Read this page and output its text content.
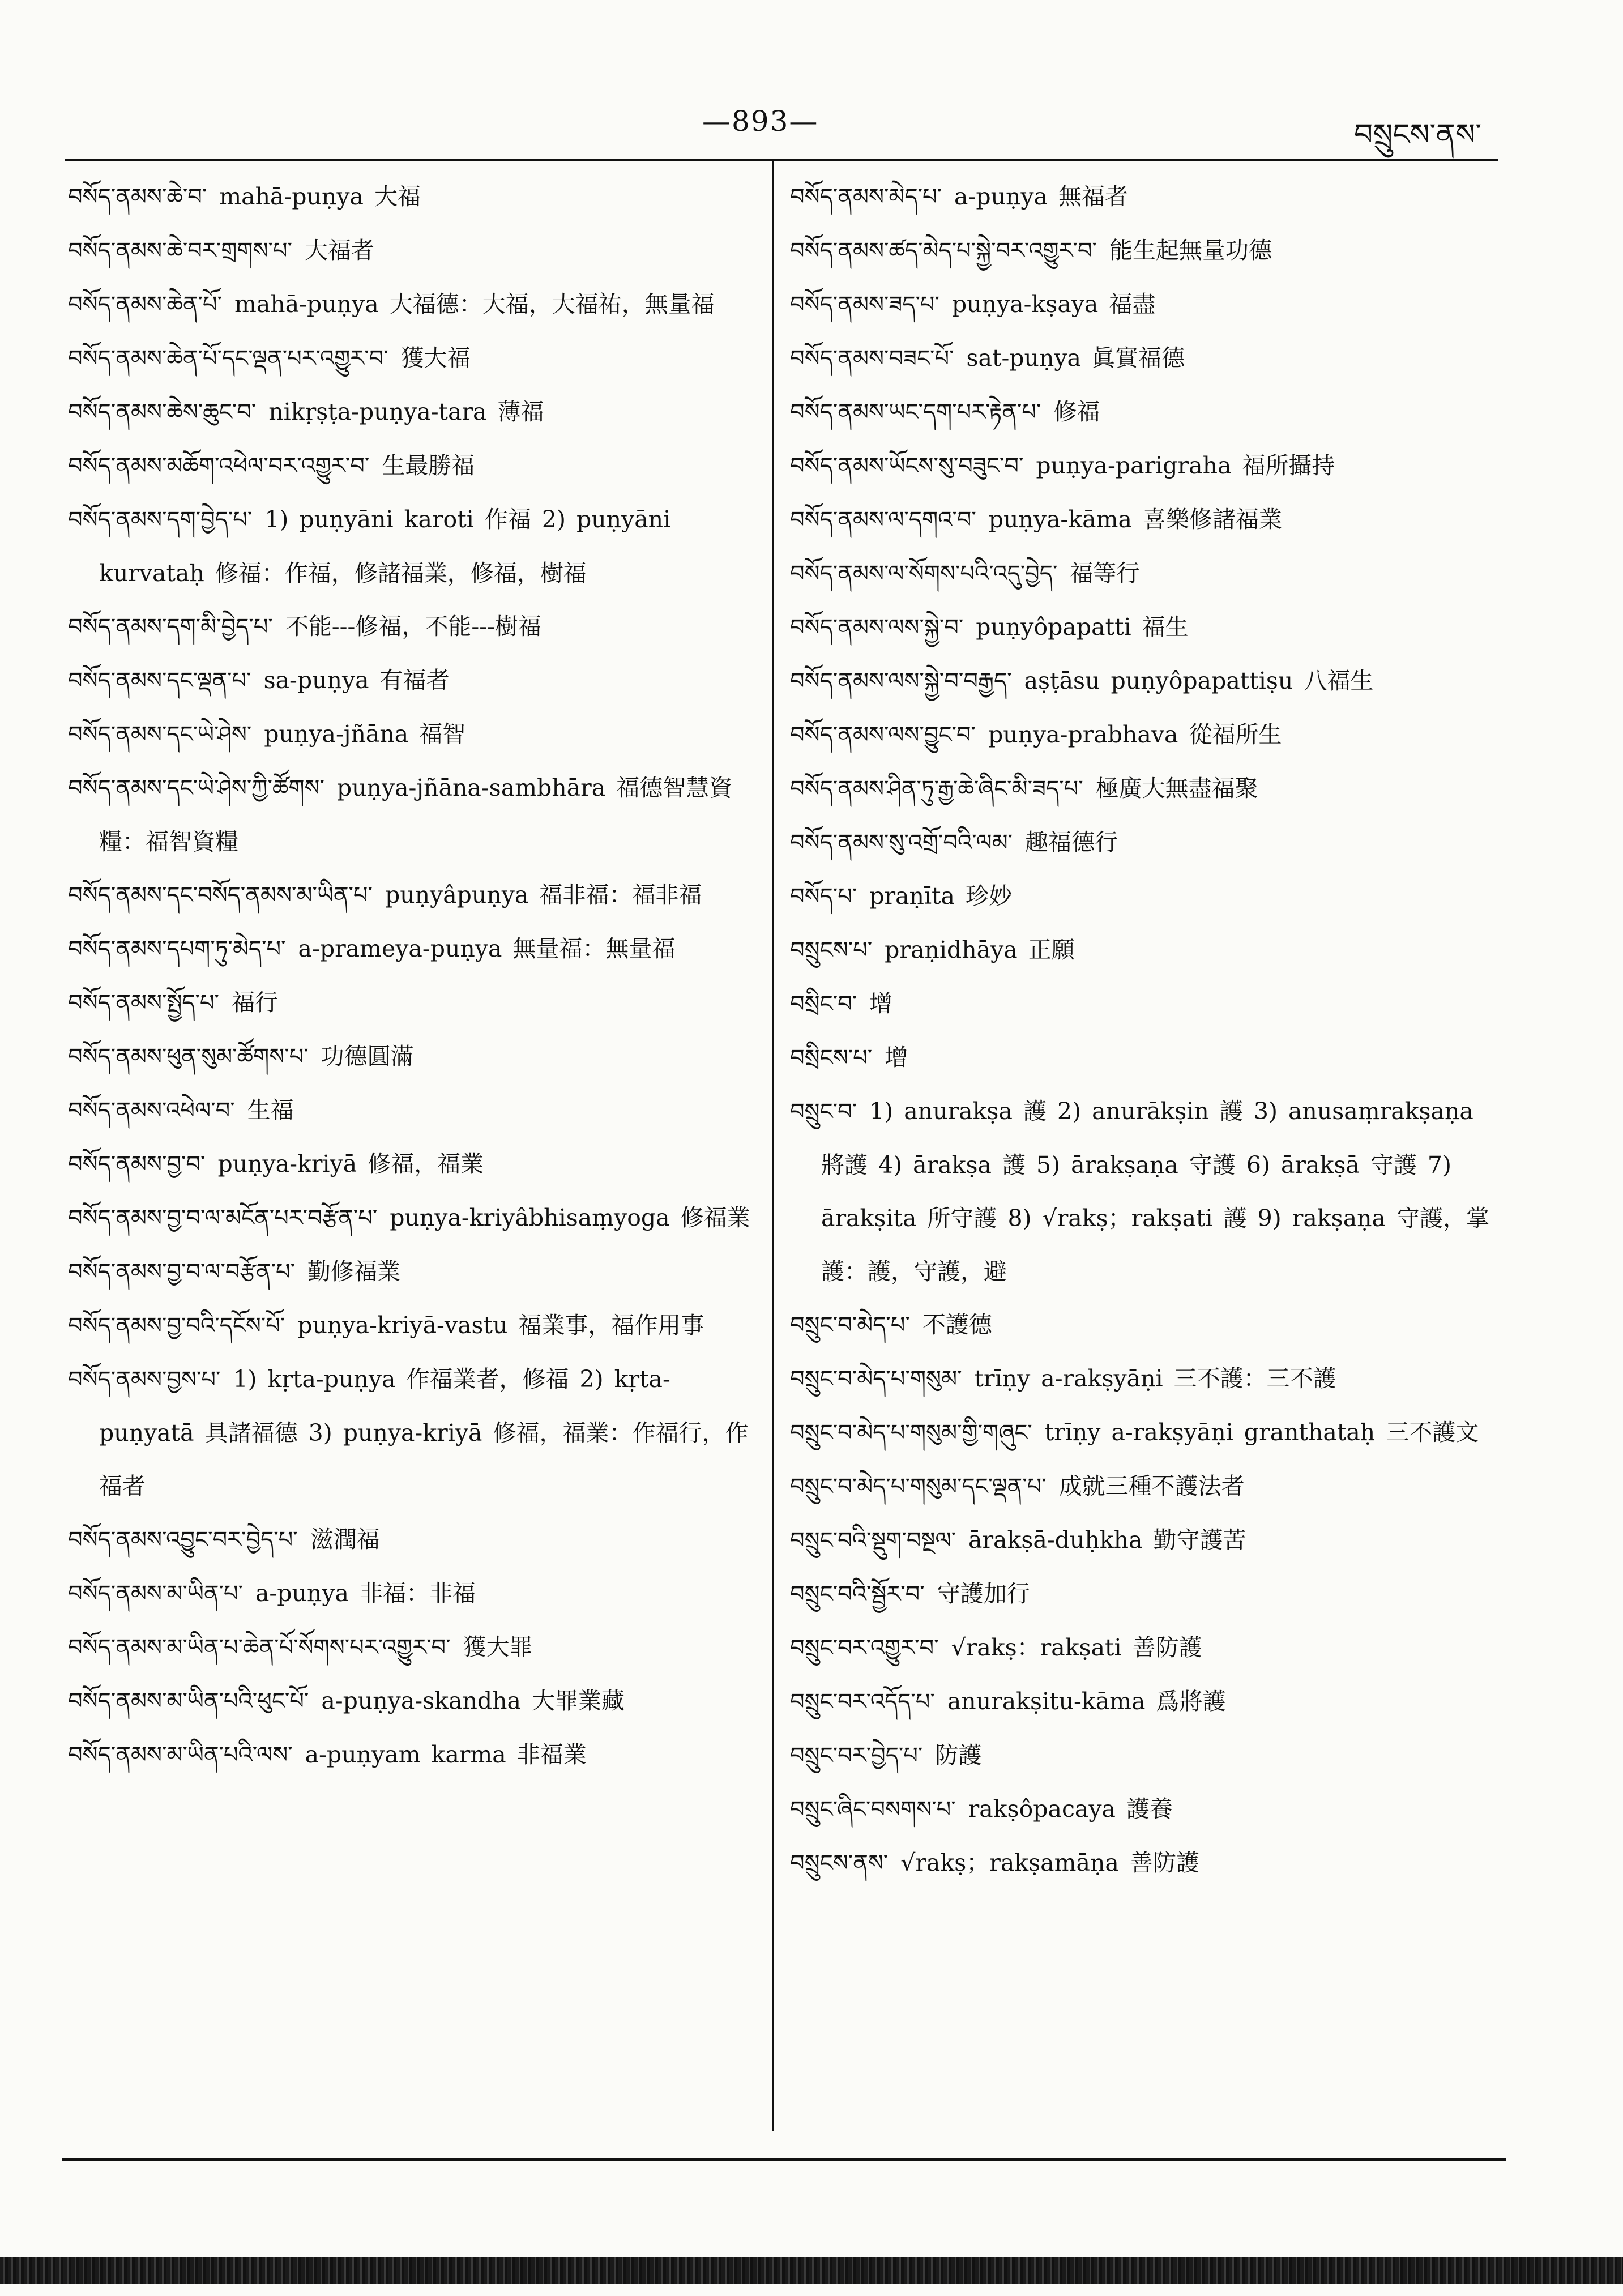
—893—	བསྲུངས་ནས་

བསོད་ནམས་ཆེ་བ་ mahā-puṇya 大福

བསོད་ནམས་ཆེ་བར་གྲགས་པ་ 大福者

བསོད་ནམས་ཆེན་པོ་ mahā-puṇya 大福德：大福，大福祐，無量福

བསོད་ནམས་ཆེན་པོ་དང་ལྡན་པར་འགྱུར་བ་ 獲大福

བསོད་ནམས་ཆེས་ཆུང་བ་ nikṛṣṭa-puṇya-tara 薄福

བསོད་ནམས་མཆོག་འཕེལ་བར་འགྱུར་བ་ 生最勝福

བསོད་ནམས་དག་བྱེད་པ་ 1) puṇyāni karoti 作福 2) puṇyāni kurvataḥ 修福：作福，修諸福業，修福，樹福

བསོད་ནམས་དག་མི་བྱེད་པ་ 不能---修福，不能---樹福

བསོད་ནམས་དང་ལྡན་པ་ sa-puṇya 有福者

བསོད་ནམས་དང་ཡེ་ཤེས་ puṇya-jñāna 福智

བསོད་ནམས་དང་ཡེ་ཤེས་ཀྱི་ཚོགས་ puṇya-jñāna-sambhāra 福德智慧資糧：福智資糧

བསོད་ནམས་དང་བསོད་ནམས་མ་ཡིན་པ་ puṇyâpuṇya 福非福：福非福

བསོད་ནམས་དཔག་ཏུ་མེད་པ་ a-prameya-puṇya 無量福：無量福

བསོད་ནམས་སྤྱོད་པ་ 福行

བསོད་ནམས་ཕུན་སུམ་ཚོགས་པ་ 功德圓滿

བསོད་ནམས་འཕེལ་བ་ 生福

བསོད་ནམས་བྱ་བ་ puṇya-kriyā 修福，福業

བསོད་ནམས་བྱ་བ་ལ་མངོན་པར་བརྩོན་པ་ puṇya-kriyâbhisaṃyoga 修福業

བསོད་ནམས་བྱ་བ་ལ་བརྩོན་པ་ 勤修福業

བསོད་ནམས་བྱ་བའི་དངོས་པོ་ puṇya-kriyā-vastu 福業事，福作用事

བསོད་ནམས་བྱས་པ་ 1) kṛta-puṇya 作福業者，修福 2) kṛta-puṇyatā 具諸福德 3) puṇya-kriyā 修福，福業：作福行，作福者

བསོད་ནམས་འབྱུང་བར་བྱེད་པ་ 滋潤福

བསོད་ནམས་མ་ཡིན་པ་ a-puṇya 非福：非福

བསོད་ནམས་མ་ཡིན་པ་ཆེན་པོ་སོགས་པར་འགྱུར་བ་ 獲大罪

བསོད་ནམས་མ་ཡིན་པའི་ཕུང་པོ་ a-puṇya-skandha 大罪業藏

བསོད་ནམས་མ་ཡིན་པའི་ལས་ a-puṇyam karma 非福業

བསོད་ནམས་མེད་པ་ a-puṇya 無福者

བསོད་ནམས་ཚད་མེད་པ་སྐྱེ་བར་འགྱུར་བ་ 能生起無量功德

བསོད་ནམས་ཟད་པ་ puṇya-kṣaya 福盡

བསོད་ནམས་བཟང་པོ་ sat-puṇya 眞實福德

བསོད་ནམས་ཡང་དག་པར་རྟེན་པ་ 修福

བསོད་ནམས་ཡོངས་སུ་བཟུང་བ་ puṇya-parigraha 福所攝持

བསོད་ནམས་ལ་དགའ་བ་ puṇya-kāma 喜樂修諸福業

བསོད་ནམས་ལ་སོགས་པའི་འདུ་བྱེད་ 福等行

བསོད་ནམས་ལས་སྐྱེ་བ་ puṇyôpapatti 福生

བསོད་ནམས་ལས་སྐྱེ་བ་བརྒྱད་ aṣṭāsu puṇyôpapattiṣu 八福生

བསོད་ནམས་ལས་བྱུང་བ་ puṇya-prabhava 從福所生

བསོད་ནམས་ཤིན་ཏུ་རྒྱ་ཆེ་ཞིང་མི་ཟད་པ་ 極廣大無盡福聚

བསོད་ནམས་སུ་འགྲོ་བའི་ལམ་ 趣福德行

བསོད་པ་ praṇīta 珍妙

བསྲུངས་པ་ praṇidhāya 正願

བསྲིང་བ་ 增

བསྲིངས་པ་ 增

བསྲུང་བ་ 1) anurakṣa 護 2) anurākṣin 護 3) anusaṃrakṣaṇa 將護 4) ārakṣa 護 5) ārakṣaṇa 守護 6) ārakṣā 守護 7) ārakṣita 所守護 8) √rakṣ；rakṣati 護 9) rakṣaṇa 守護，掌護：護，守護，避

བསྲུང་བ་མེད་པ་ 不護德

བསྲུང་བ་མེད་པ་གསུམ་ trīṇy a-rakṣyāṇi 三不護：三不護

བསྲུང་བ་མེད་པ་གསུམ་གྱི་གཞུང་ trīṇy a-rakṣyāṇi granthataḥ 三不護文

བསྲུང་བ་མེད་པ་གསུམ་དང་ལྡན་པ་ 成就三種不護法者

བསྲུང་བའི་སྡུག་བསྔལ་ ārakṣā-duḥkha 勤守護苦

བསྲུང་བའི་སྦྱོར་བ་ 守護加行

བསྲུང་བར་འགྱུར་བ་ √rakṣ：rakṣati 善防護

བསྲུང་བར་འདོད་པ་ anurakṣitu-kāma 爲將護

བསྲུང་བར་བྱེད་པ་ 防護

བསྲུང་ཞིང་བསགས་པ་ rakṣôpacaya 護養

བསྲུངས་ནས་ √rakṣ；rakṣamāṇa 善防護
